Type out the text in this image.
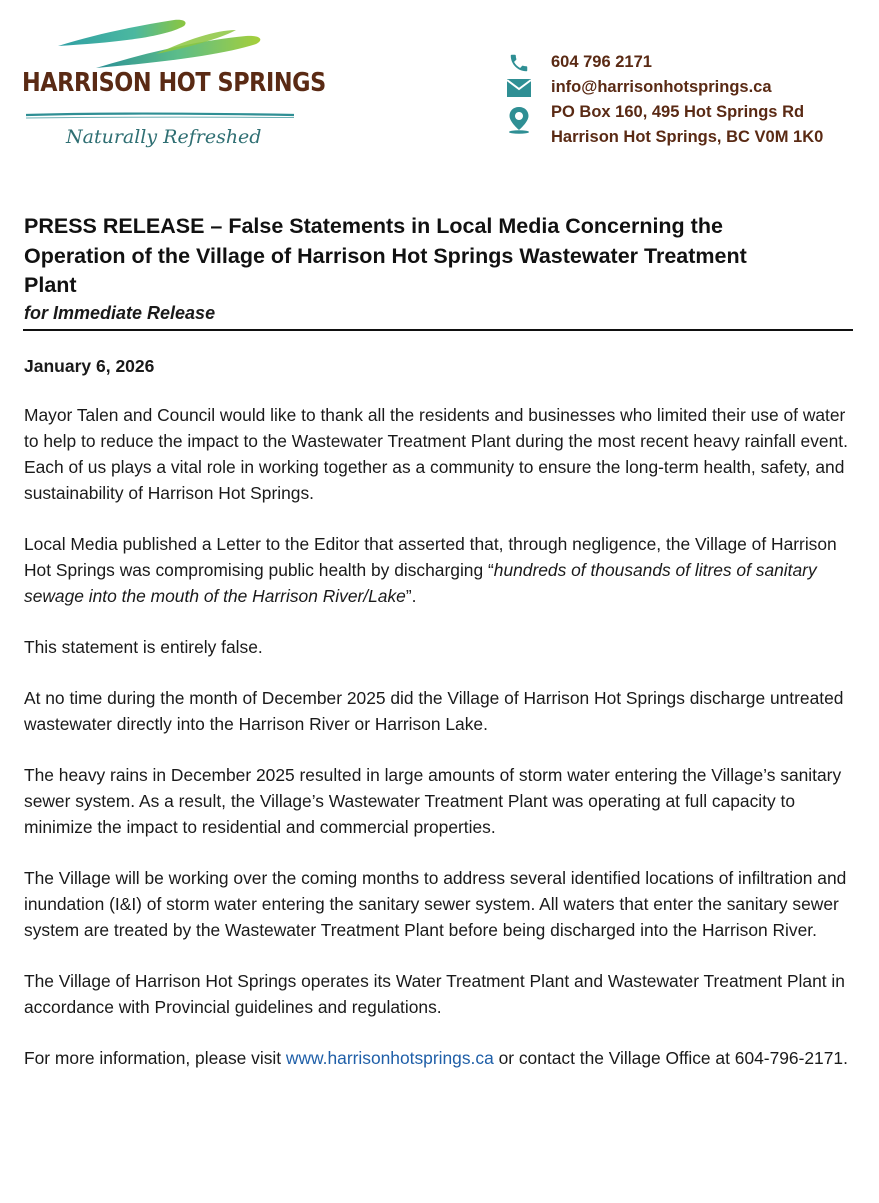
HARRISON HOT SPRINGS
Naturally Refreshed
604 796 2171
info@harrisonhotsprings.ca
PO Box 160, 495 Hot Springs Rd
Harrison Hot Springs, BC V0M 1K0
PRESS RELEASE – False Statements in Local Media Concerning the
Operation of the Village of Harrison Hot Springs Wastewater Treatment
Plant

for Immediate Release

January 6, 2026

Mayor Talen and Council would like to thank all the residents and businesses who limited their use of water to help to reduce the impact to the Wastewater Treatment Plant during the most recent heavy rainfall event. Each of us plays a vital role in working together as a community to ensure the long-term health, safety, and sustainability of Harrison Hot Springs.

Local Media published a Letter to the Editor that asserted that, through negligence, the Village of Harrison Hot Springs was compromising public health by discharging “hundreds of thousands of litres of sanitary sewage into the mouth of the Harrison River/Lake”.

This statement is entirely false.

At no time during the month of December 2025 did the Village of Harrison Hot Springs discharge untreated wastewater directly into the Harrison River or Harrison Lake.

The heavy rains in December 2025 resulted in large amounts of storm water entering the Village’s sanitary sewer system. As a result, the Village’s Wastewater Treatment Plant was operating at full capacity to minimize the impact to residential and commercial properties.

The Village will be working over the coming months to address several identified locations of infiltration and inundation (I&I) of storm water entering the sanitary sewer system. All waters that enter the sanitary sewer system are treated by the Wastewater Treatment Plant before being discharged into the Harrison River.

The Village of Harrison Hot Springs operates its Water Treatment Plant and Wastewater Treatment Plant in accordance with Provincial guidelines and regulations.

For more information, please visit www.harrisonhotsprings.ca or contact the Village Office at 604-796-2171.
